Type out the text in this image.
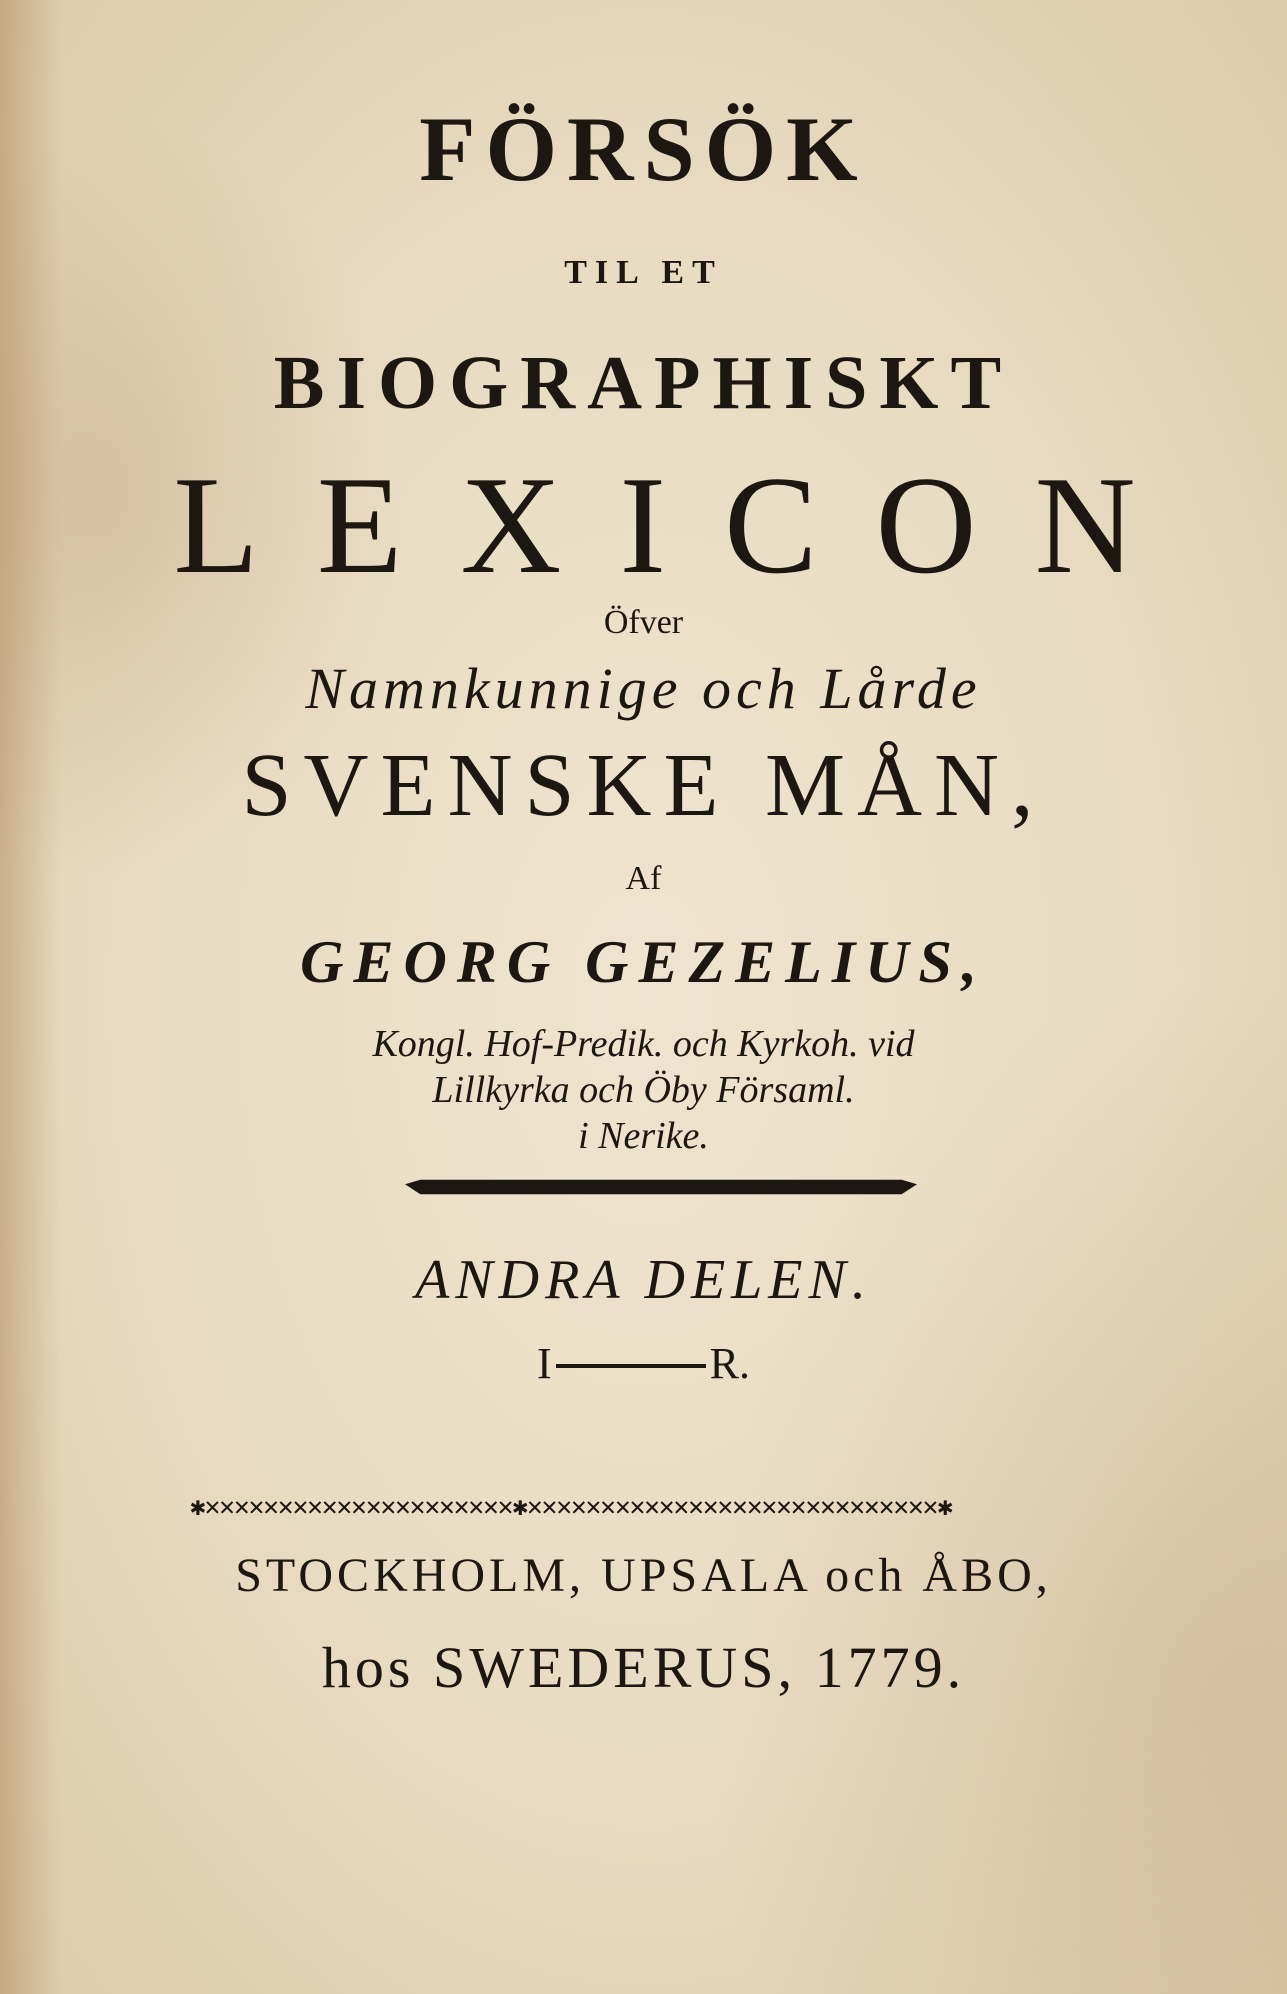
FÖRSÖK
TIL ET
BIOGRAPHISKT
LEXICON
Öfver
Namnkunnige och Lårde
SVENSKE MÅN,
Af
GEORG GEZELIUS,
Kongl. Hof-Predik. och Kyrkoh. vid
Lillkyrka och Öby Församl.
i Nerike.
ANDRA DELEN.
I	R.
✱✕✕✕✕✕✕✕✕✕✕✕✕✕✕✕✕✕✕✕✕✕✱✕✕✕✕✕✕✕✕✕✕✕✕✕✕✕✕✕✕✕✕✕✕✕✕✕✕✕✕✱
STOCKHOLM, UPSALA och ÅBO,
hos SWEDERUS, 1779.
